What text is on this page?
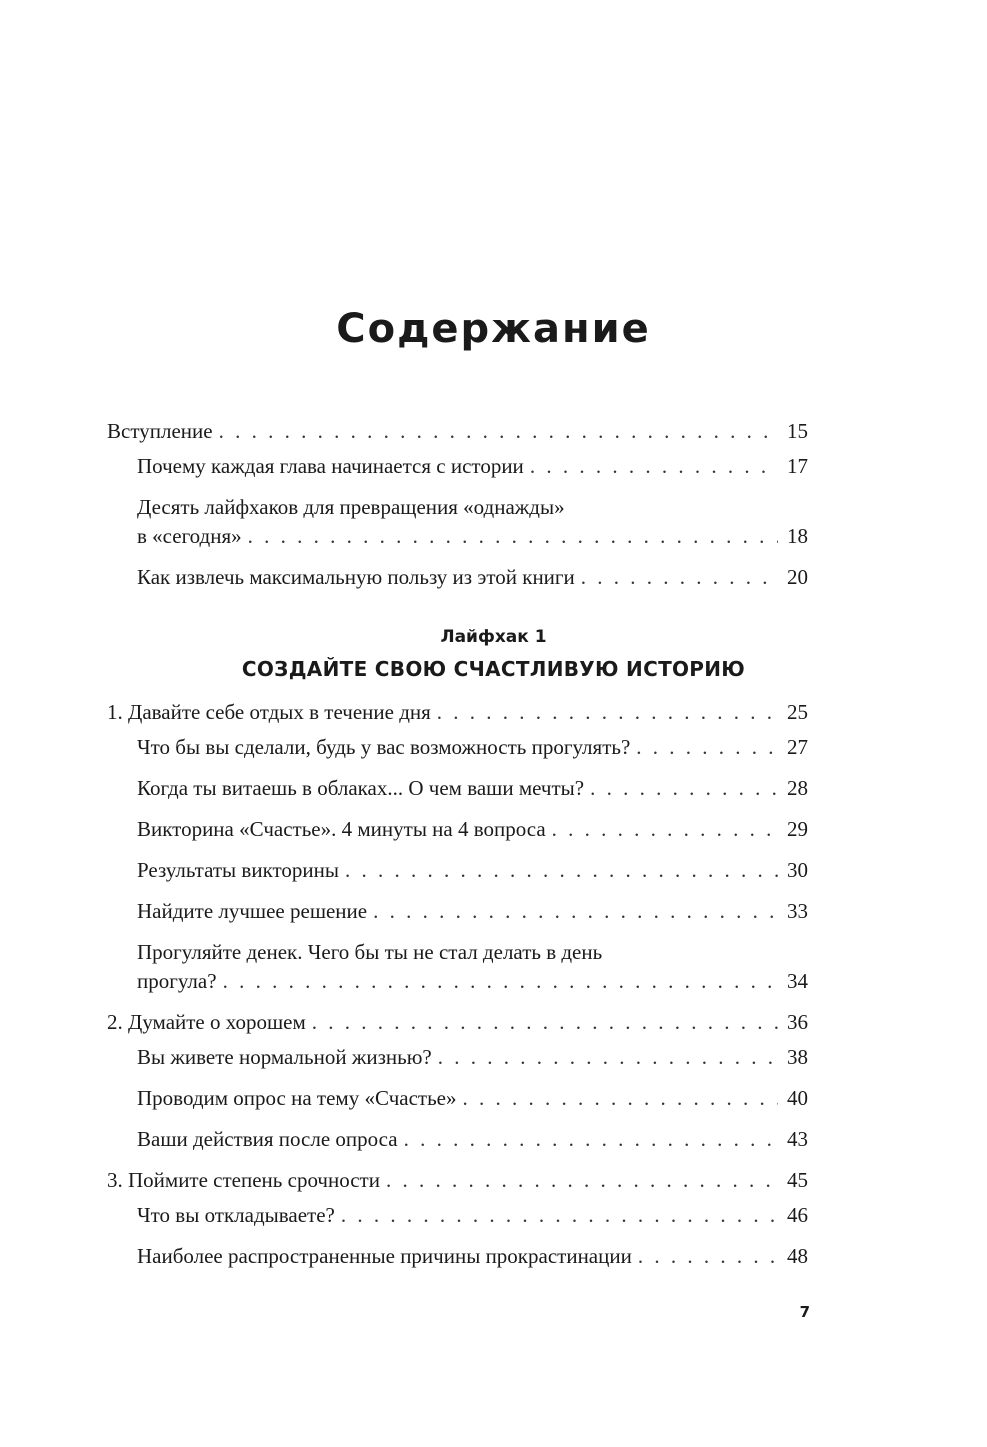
Содержание
Вступление . . .	15
Почему каждая глава начинается с истории . . .	17
Десять лайфхаков для превращения «однажды»
в «сегодня» . . .	18
Как извлечь максимальную пользу из этой книги . . .	20
Лайфхак 1
СОЗДАЙТЕ СВОЮ СЧАСТЛИВУЮ ИСТОРИЮ
1. Давайте себе отдых в течение дня . . .	25
Что бы вы сделали, будь у вас возможность прогулять? . . .	27
Когда ты витаешь в облаках... О чем ваши мечты? . . .	28
Викторина «Счастье». 4 минуты на 4 вопроса . . .	29
Результаты викторины . . .	30
Найдите лучшее решение . . .	33
Прогуляйте денек. Чего бы ты не стал делать в день
прогула? . . .	34
2. Думайте о хорошем . . .	36
Вы живете нормальной жизнью? . . .	38
Проводим опрос на тему «Счастье» . . .	40
Ваши действия после опроса . . .	43
3. Поймите степень срочности . . .	45
Что вы откладываете? . . .	46
Наиболее распространенные причины прокрастинации . . .	48
7
